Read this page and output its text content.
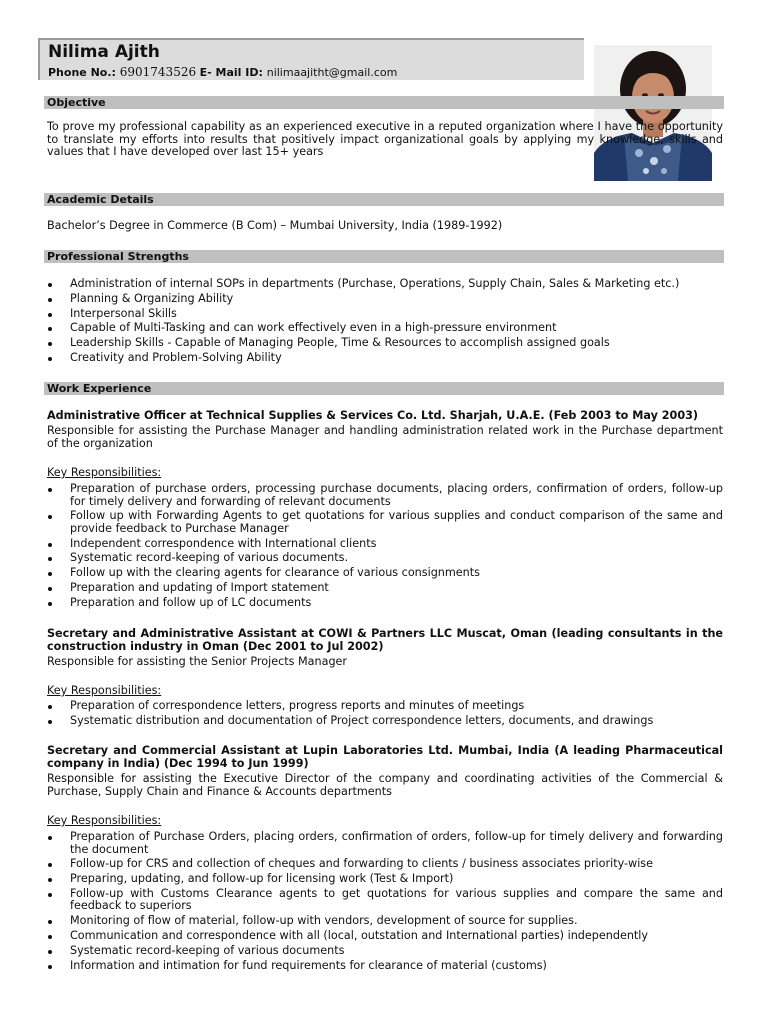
Nilima Ajith
Phone No.: 6901743526 E- Mail ID: nilimaajitht@gmail.com
Objective
To prove my professional capability as an experienced executive in a reputed organization where I have the opportunity to translate my efforts into results that positively impact organizational goals by applying my knowledge, skills and values that I have developed over last 15+ years
Academic Details
Bachelor’s Degree in Commerce (B Com) – Mumbai University, India (1989-1992)
Professional Strengths
Administration of internal SOPs in departments (Purchase, Operations, Supply Chain, Sales & Marketing etc.)
Planning & Organizing Ability
Interpersonal Skills
Capable of Multi-Tasking and can work effectively even in a high-pressure environment
Leadership Skills - Capable of Managing People, Time & Resources to accomplish assigned goals
Creativity and Problem-Solving Ability
Work Experience
Administrative Officer at Technical Supplies & Services Co. Ltd. Sharjah, U.A.E. (Feb 2003 to May 2003)
Responsible for assisting the Purchase Manager and handling administration related work in the Purchase department of the organization
Key Responsibilities:
Preparation of purchase orders, processing purchase documents, placing orders, confirmation of orders, follow-up for timely delivery and forwarding of relevant documents
Follow up with Forwarding Agents to get quotations for various supplies and conduct comparison of the same and provide feedback to Purchase Manager
Independent correspondence with International clients
Systematic record-keeping of various documents.
Follow up with the clearing agents for clearance of various consignments
Preparation and updating of Import statement
Preparation and follow up of LC documents
Secretary and Administrative Assistant at COWI & Partners LLC Muscat, Oman (leading consultants in the construction industry in Oman (Dec 2001 to Jul 2002)
Responsible for assisting the Senior Projects Manager
Key Responsibilities:
Preparation of correspondence letters, progress reports and minutes of meetings
Systematic distribution and documentation of Project correspondence letters, documents, and drawings
Secretary and Commercial Assistant at Lupin Laboratories Ltd. Mumbai, India (A leading Pharmaceutical company in India) (Dec 1994 to Jun 1999)
Responsible for assisting the Executive Director of the company and coordinating activities of the Commercial & Purchase, Supply Chain and Finance & Accounts departments
Key Responsibilities:
Preparation of Purchase Orders, placing orders, confirmation of orders, follow-up for timely delivery and forwarding the document
Follow-up for CRS and collection of cheques and forwarding to clients / business associates priority-wise
Preparing, updating, and follow-up for licensing work (Test & Import)
Follow-up with Customs Clearance agents to get quotations for various supplies and compare the same and feedback to superiors
Monitoring of flow of material, follow-up with vendors, development of source for supplies.
Communication and correspondence with all (local, outstation and International parties) independently
Systematic record-keeping of various documents
Information and intimation for fund requirements for clearance of material (customs)
